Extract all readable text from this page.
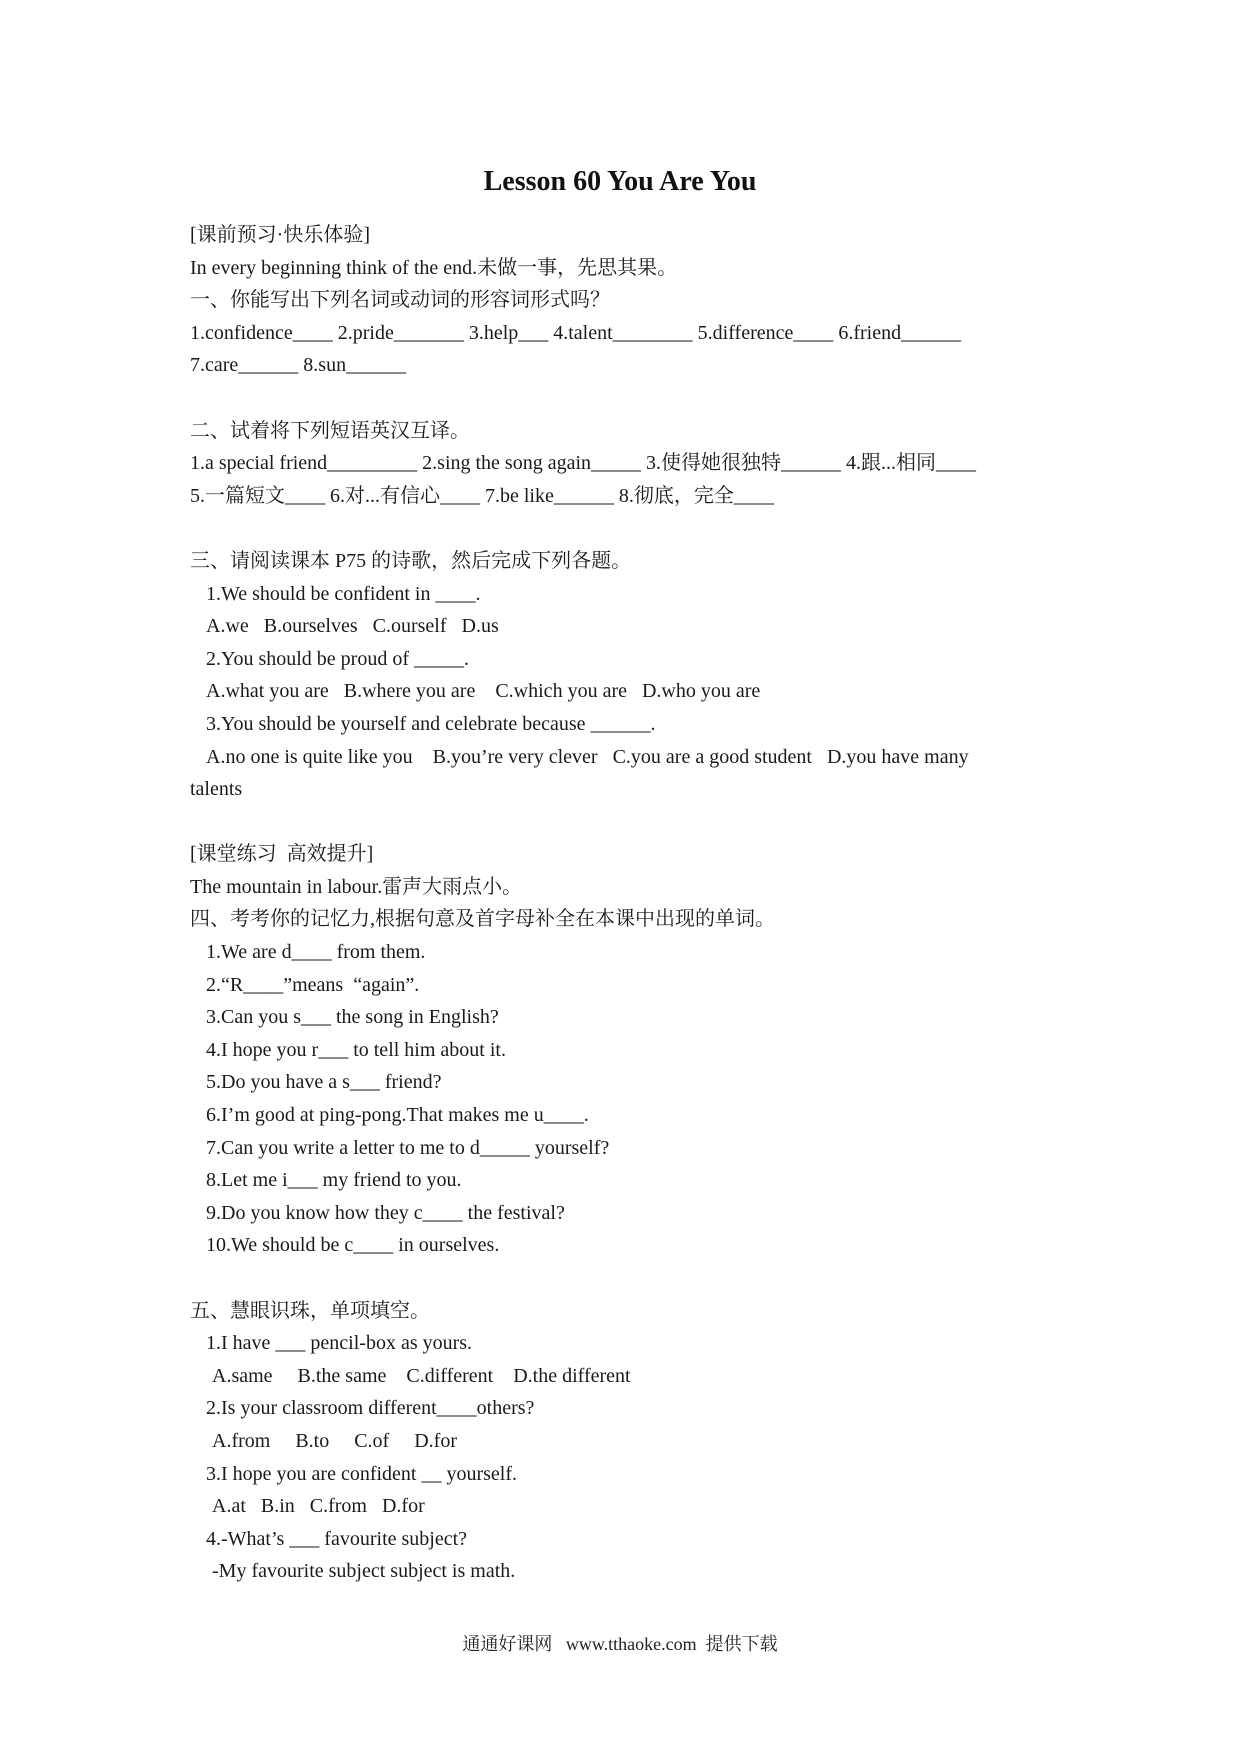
Lesson 60 You Are You
[课前预习·快乐体验]
In every beginning think of the end.未做一事，先思其果。
一、你能写出下列名词或动词的形容词形式吗？
1.confidence____ 2.pride_______ 3.help___ 4.talent________ 5.difference____ 6.friend______
7.care______ 8.sun______
二、试着将下列短语英汉互译。
1.a special friend_________ 2.sing the song again_____ 3.使得她很独特______ 4.跟...相同____
5.一篇短文____ 6.对...有信心____ 7.be like______ 8.彻底，完全____
三、请阅读课本 P75 的诗歌，然后完成下列各题。
1.We should be confident in ____.
A.we   B.ourselves   C.ourself   D.us
2.You should be proud of _____.
A.what you are   B.where you are    C.which you are   D.who you are
3.You should be yourself and celebrate because ______.
A.no one is quite like you    B.you’re very clever   C.you are a good student   D.you have many
talents
[课堂练习  高效提升]
The mountain in labour.雷声大雨点小。
四、考考你的记忆力,根据句意及首字母补全在本课中出现的单词。
1.We are d____ from them.
2.“R____”means  “again”.
3.Can you s___ the song in English?
4.I hope you r___ to tell him about it.
5.Do you have a s___ friend?
6.I’m good at ping-pong.That makes me u____.
7.Can you write a letter to me to d_____ yourself?
8.Let me i___ my friend to you.
9.Do you know how they c____ the festival?
10.We should be c____ in ourselves.
五、慧眼识珠，单项填空。
1.I have ___ pencil-box as yours.
A.same     B.the same    C.different    D.the different
2.Is your classroom different____others?
A.from     B.to     C.of     D.for
3.I hope you are confident __ yourself.
A.at   B.in   C.from   D.for
4.-What’s ___ favourite subject?
-My favourite subject subject is math.
通通好课网   www.tthaoke.com  提供下载
